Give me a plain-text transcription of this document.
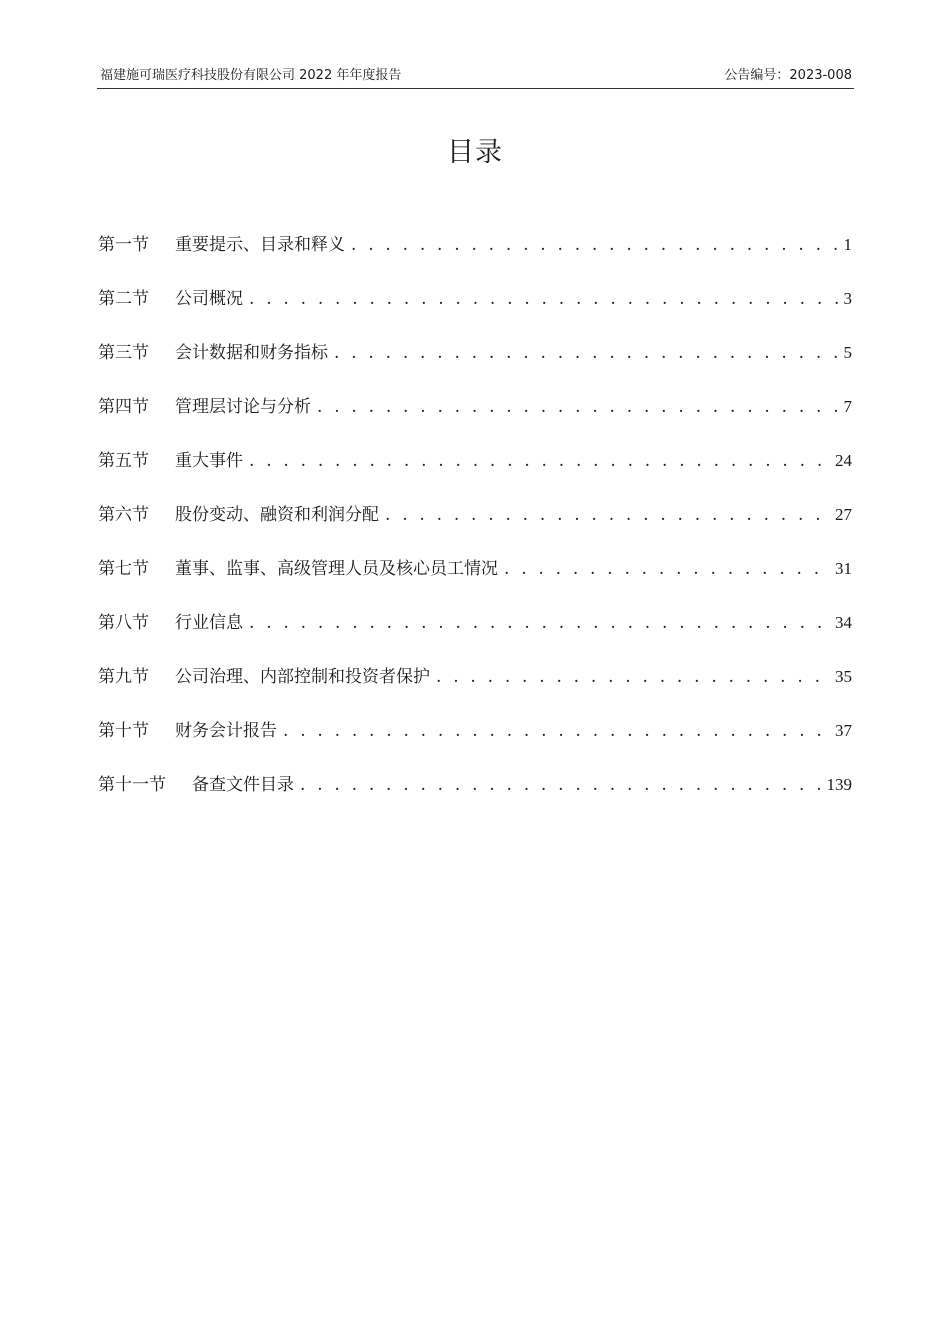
福建施可瑞医疗科技股份有限公司 2022 年年度报告	公告编号：2023-008
目录
第一节 重要提示、目录和释义 . . .	1
第二节 公司概况 . . .	3
第三节 会计数据和财务指标 . . .	5
第四节 管理层讨论与分析 . . .	7
第五节 重大事件 . . .	24
第六节 股份变动、融资和利润分配 . . .	27
第七节 董事、监事、高级管理人员及核心员工情况 . . .	31
第八节 行业信息 . . .	34
第九节 公司治理、内部控制和投资者保护 . . .	35
第十节 财务会计报告 . . .	37
第十一节 备查文件目录 . . .	139
